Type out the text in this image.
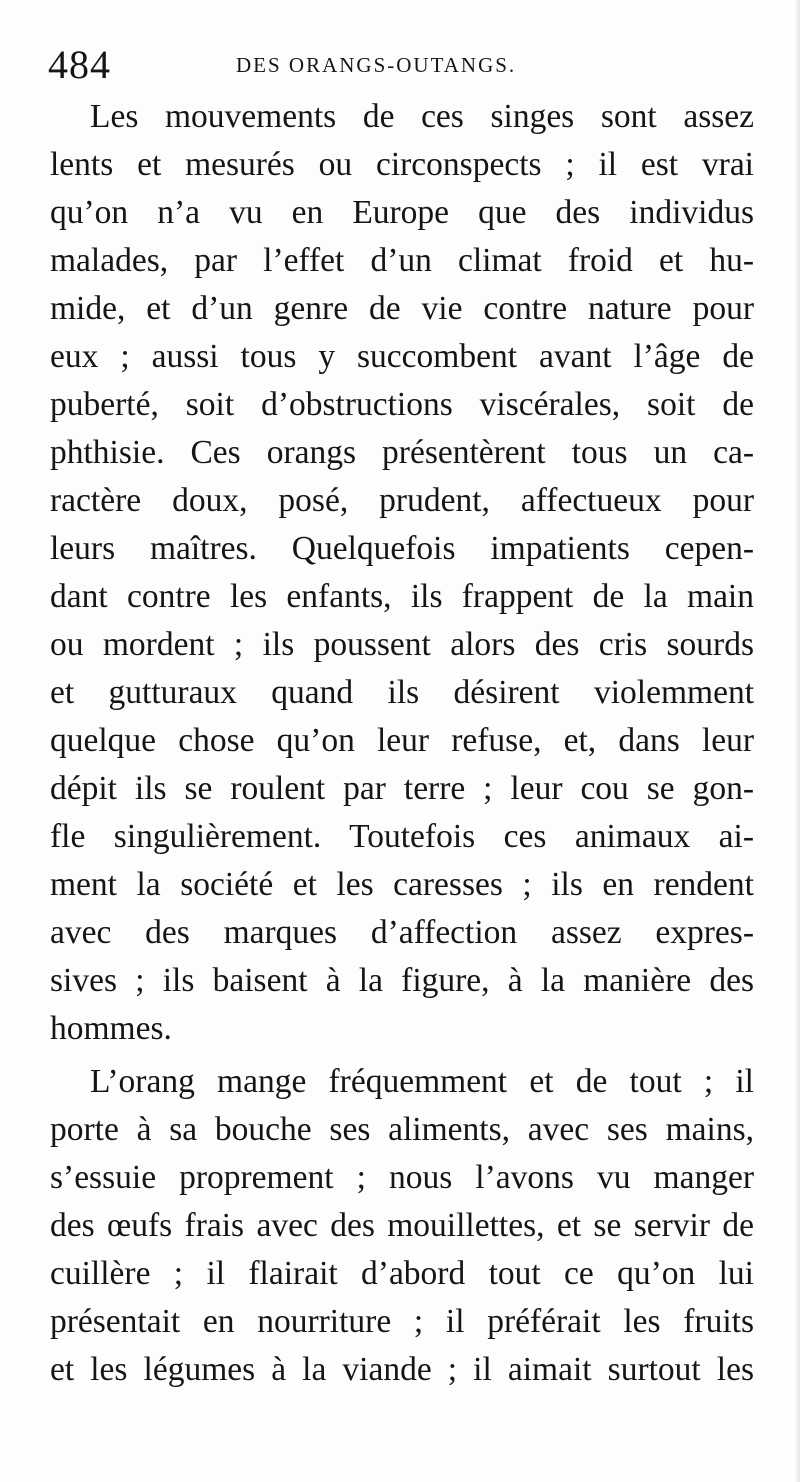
484	DES ORANGS-OUTANGS.
Les mouvements de ces singes sont assez
lents et mesurés ou circonspects ; il est vrai
qu’on n’a vu en Europe que des individus
malades, par l’effet d’un climat froid et hu-
mide, et d’un genre de vie contre nature pour
eux ; aussi tous y succombent avant l’âge de
puberté, soit d’obstructions viscérales, soit de
phthisie. Ces orangs présentèrent tous un ca-
ractère doux, posé, prudent, affectueux pour
leurs maîtres. Quelquefois impatients cepen-
dant contre les enfants, ils frappent de la main
ou mordent ; ils poussent alors des cris sourds
et gutturaux quand ils désirent violemment
quelque chose qu’on leur refuse, et, dans leur
dépit ils se roulent par terre ; leur cou se gon-
fle singulièrement. Toutefois ces animaux ai-
ment la société et les caresses ; ils en rendent
avec des marques d’affection assez expres-
sives ; ils baisent à la figure, à la manière des
hommes.
L’orang mange fréquemment et de tout ; il
porte à sa bouche ses aliments, avec ses mains,
s’essuie proprement ; nous l’avons vu manger
des œufs frais avec des mouillettes, et se servir de
cuillère ; il flairait d’abord tout ce qu’on lui
présentait en nourriture ; il préférait les fruits
et les légumes à la viande ; il aimait surtout les
